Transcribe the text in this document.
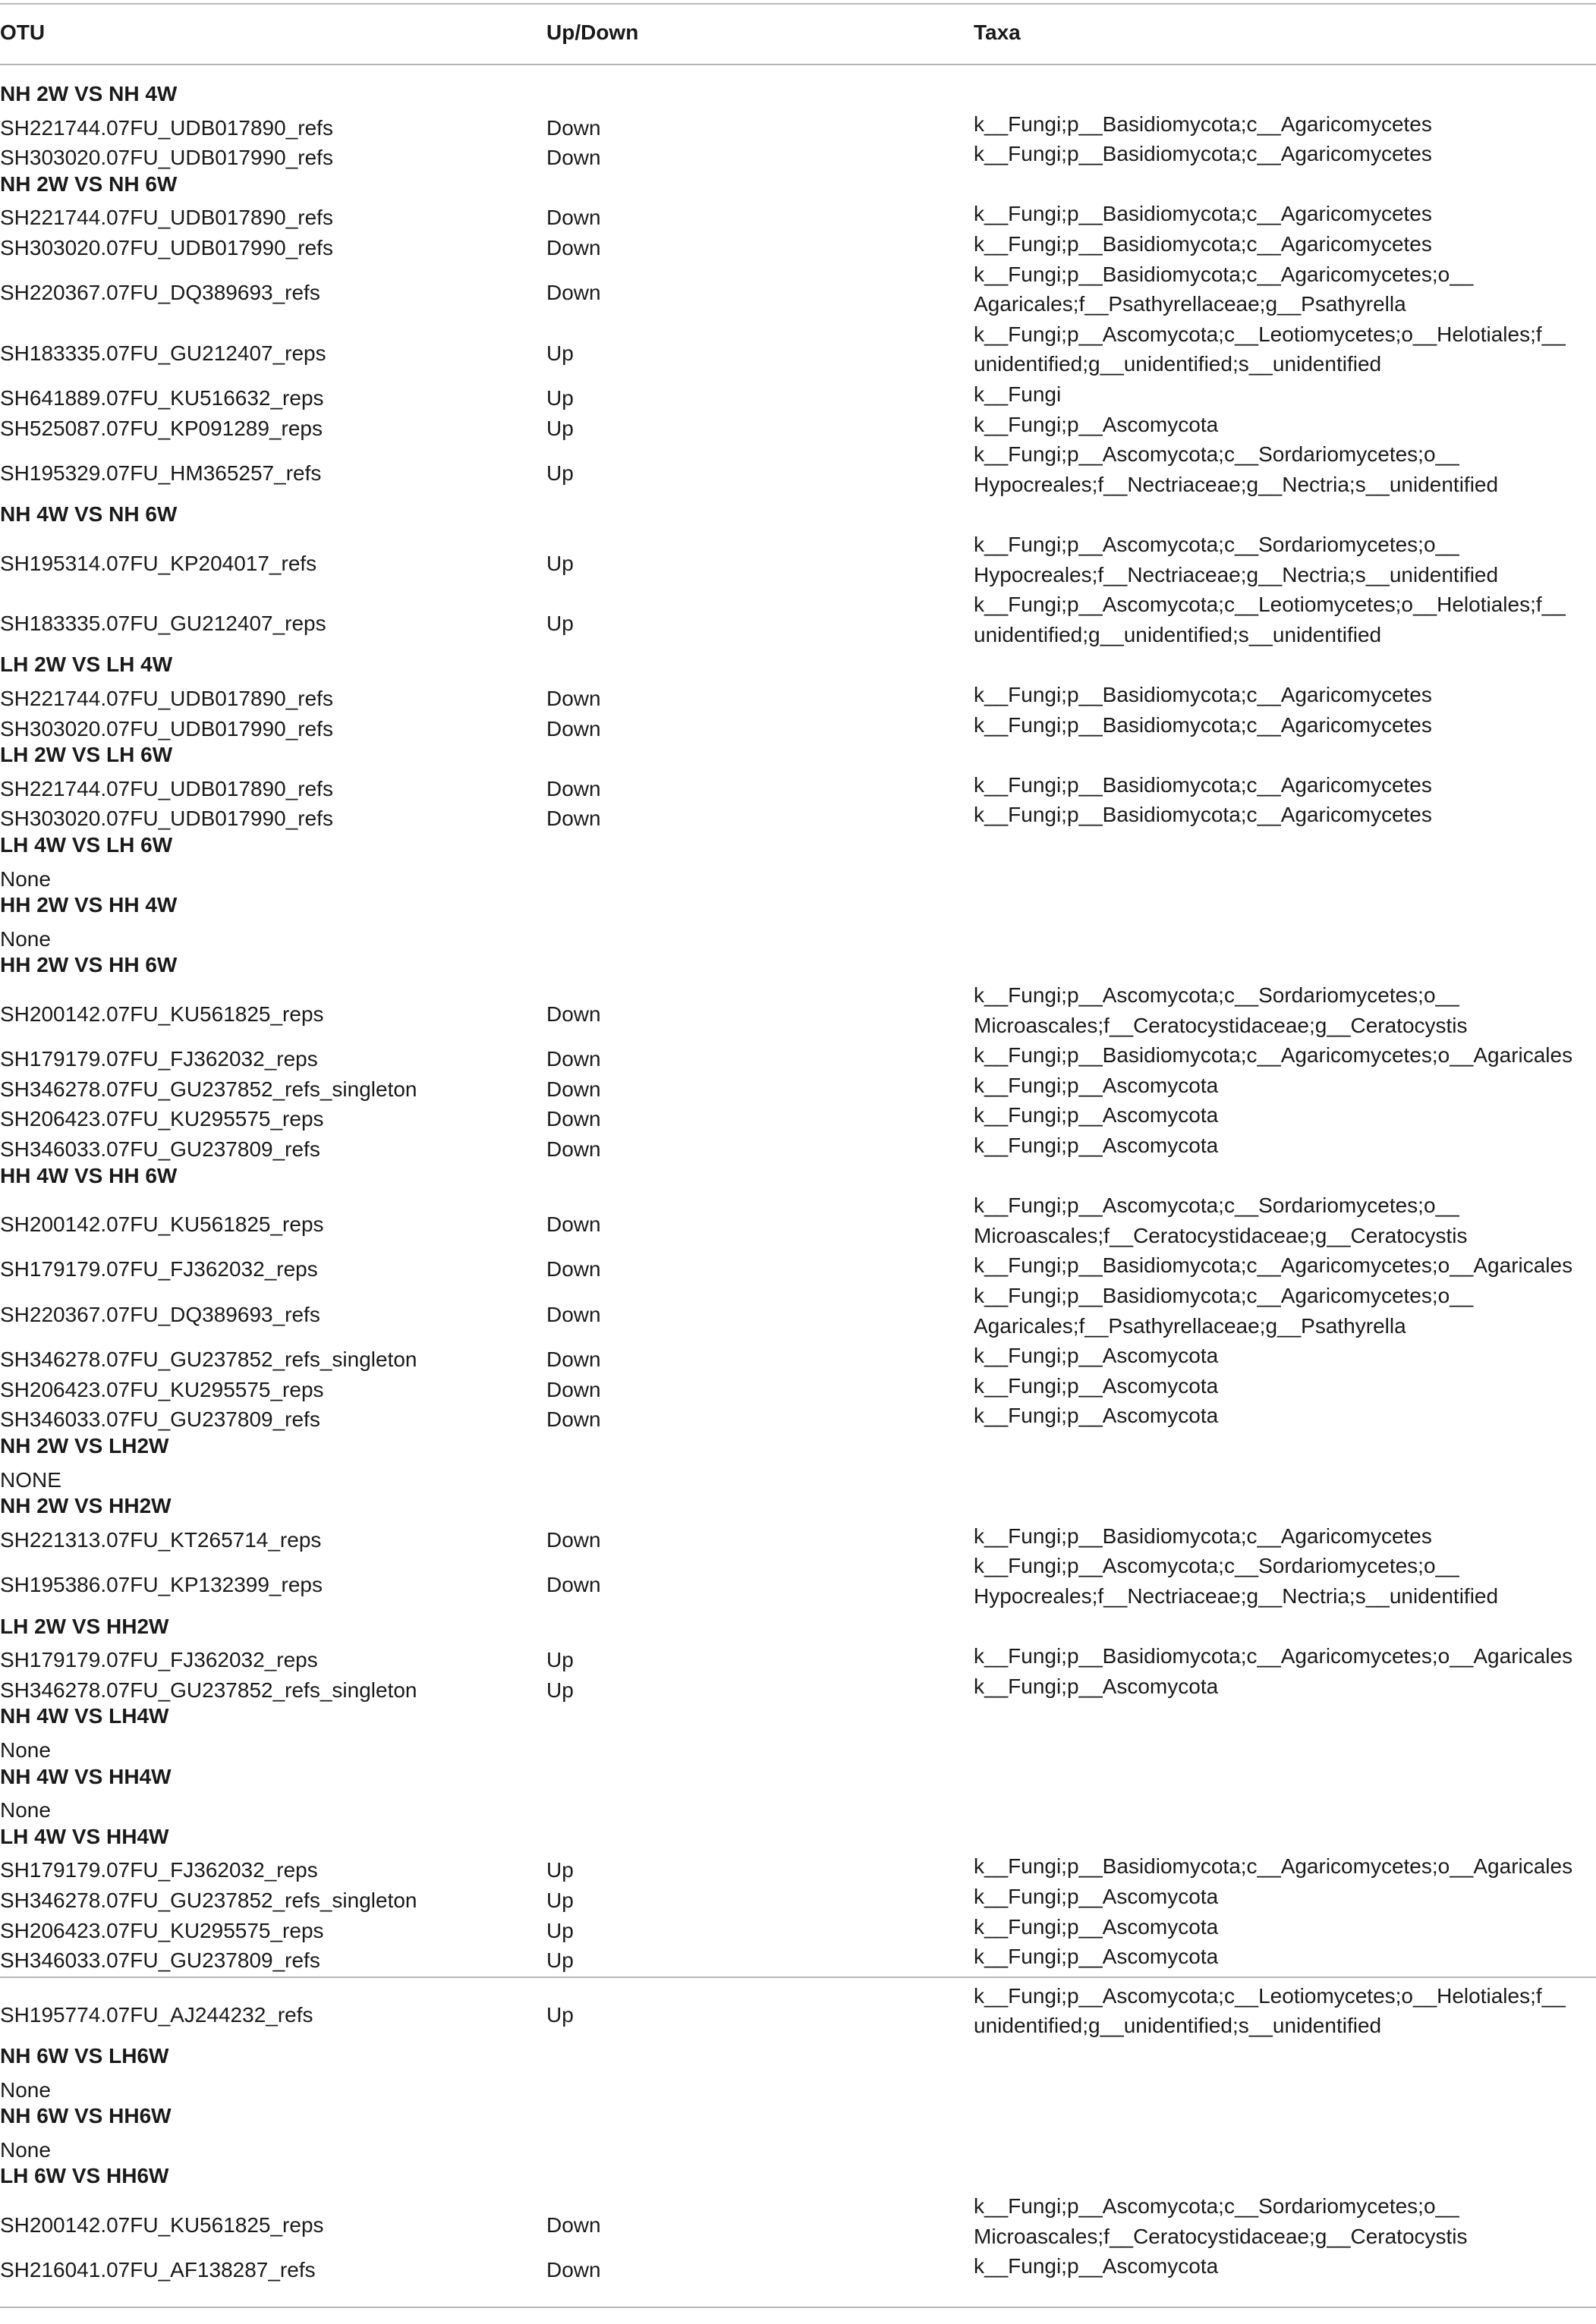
OTU	Up/Down	Taxa
NH 2W VS NH 4W
SH221744.07FU_UDB017890_refs	Down	k__Fungi;p__Basidiomycota;c__Agaricomycetes
SH303020.07FU_UDB017990_refs	Down	k__Fungi;p__Basidiomycota;c__Agaricomycetes
NH 2W VS NH 6W
SH221744.07FU_UDB017890_refs	Down	k__Fungi;p__Basidiomycota;c__Agaricomycetes
SH303020.07FU_UDB017990_refs	Down	k__Fungi;p__Basidiomycota;c__Agaricomycetes
SH220367.07FU_DQ389693_refs	Down
k__Fungi;p__Basidiomycota;c__Agaricomycetes;o__
Agaricales;f__Psathyrellaceae;g__Psathyrella
SH183335.07FU_GU212407_reps	Up
k__Fungi;p__Ascomycota;c__Leotiomycetes;o__Helotiales;f__
unidentified;g__unidentified;s__unidentified
SH641889.07FU_KU516632_reps	Up	k__Fungi
SH525087.07FU_KP091289_reps	Up	k__Fungi;p__Ascomycota
SH195329.07FU_HM365257_refs	Up
k__Fungi;p__Ascomycota;c__Sordariomycetes;o__
Hypocreales;f__Nectriaceae;g__Nectria;s__unidentified
NH 4W VS NH 6W
SH195314.07FU_KP204017_refs	Up
k__Fungi;p__Ascomycota;c__Sordariomycetes;o__
Hypocreales;f__Nectriaceae;g__Nectria;s__unidentified
SH183335.07FU_GU212407_reps	Up
k__Fungi;p__Ascomycota;c__Leotiomycetes;o__Helotiales;f__
unidentified;g__unidentified;s__unidentified
LH 2W VS LH 4W
SH221744.07FU_UDB017890_refs	Down	k__Fungi;p__Basidiomycota;c__Agaricomycetes
SH303020.07FU_UDB017990_refs	Down	k__Fungi;p__Basidiomycota;c__Agaricomycetes
LH 2W VS LH 6W
SH221744.07FU_UDB017890_refs	Down	k__Fungi;p__Basidiomycota;c__Agaricomycetes
SH303020.07FU_UDB017990_refs	Down	k__Fungi;p__Basidiomycota;c__Agaricomycetes
LH 4W VS LH 6W
None
HH 2W VS HH 4W
None
HH 2W VS HH 6W
SH200142.07FU_KU561825_reps	Down
k__Fungi;p__Ascomycota;c__Sordariomycetes;o__
Microascales;f__Ceratocystidaceae;g__Ceratocystis
SH179179.07FU_FJ362032_reps	Down	k__Fungi;p__Basidiomycota;c__Agaricomycetes;o__Agaricales
SH346278.07FU_GU237852_refs_singleton	Down	k__Fungi;p__Ascomycota
SH206423.07FU_KU295575_reps	Down	k__Fungi;p__Ascomycota
SH346033.07FU_GU237809_refs	Down	k__Fungi;p__Ascomycota
HH 4W VS HH 6W
SH200142.07FU_KU561825_reps	Down
k__Fungi;p__Ascomycota;c__Sordariomycetes;o__
Microascales;f__Ceratocystidaceae;g__Ceratocystis
SH179179.07FU_FJ362032_reps	Down	k__Fungi;p__Basidiomycota;c__Agaricomycetes;o__Agaricales
SH220367.07FU_DQ389693_refs	Down
k__Fungi;p__Basidiomycota;c__Agaricomycetes;o__
Agaricales;f__Psathyrellaceae;g__Psathyrella
SH346278.07FU_GU237852_refs_singleton	Down	k__Fungi;p__Ascomycota
SH206423.07FU_KU295575_reps	Down	k__Fungi;p__Ascomycota
SH346033.07FU_GU237809_refs	Down	k__Fungi;p__Ascomycota
NH 2W VS LH2W
NONE
NH 2W VS HH2W
SH221313.07FU_KT265714_reps	Down	k__Fungi;p__Basidiomycota;c__Agaricomycetes
SH195386.07FU_KP132399_reps	Down
k__Fungi;p__Ascomycota;c__Sordariomycetes;o__
Hypocreales;f__Nectriaceae;g__Nectria;s__unidentified
LH 2W VS HH2W
SH179179.07FU_FJ362032_reps	Up	k__Fungi;p__Basidiomycota;c__Agaricomycetes;o__Agaricales
SH346278.07FU_GU237852_refs_singleton	Up	k__Fungi;p__Ascomycota
NH 4W VS LH4W
None
NH 4W VS HH4W
None
LH 4W VS HH4W
SH179179.07FU_FJ362032_reps	Up	k__Fungi;p__Basidiomycota;c__Agaricomycetes;o__Agaricales
SH346278.07FU_GU237852_refs_singleton	Up	k__Fungi;p__Ascomycota
SH206423.07FU_KU295575_reps	Up	k__Fungi;p__Ascomycota
SH346033.07FU_GU237809_refs	Up	k__Fungi;p__Ascomycota
SH195774.07FU_AJ244232_refs	Up
k__Fungi;p__Ascomycota;c__Leotiomycetes;o__Helotiales;f__
unidentified;g__unidentified;s__unidentified
NH 6W VS LH6W
None
NH 6W VS HH6W
None
LH 6W VS HH6W
SH200142.07FU_KU561825_reps	Down
k__Fungi;p__Ascomycota;c__Sordariomycetes;o__
Microascales;f__Ceratocystidaceae;g__Ceratocystis
SH216041.07FU_AF138287_refs	Down	k__Fungi;p__Ascomycota
